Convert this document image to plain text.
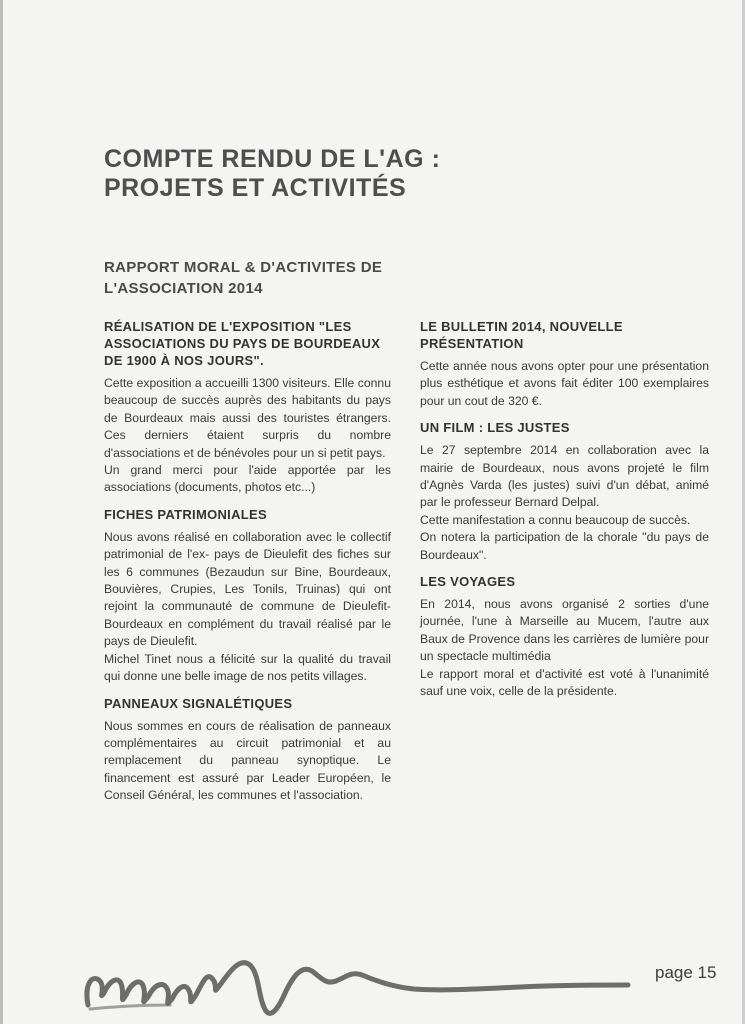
COMPTE RENDU DE L'AG : PROJETS ET ACTIVITÉS
RAPPORT MORAL & D'ACTIVITES DE L'ASSOCIATION 2014
RÉALISATION DE L'EXPOSITION "LES ASSOCIATIONS DU PAYS DE BOURDEAUX DE 1900 À NOS JOURS".

Cette exposition a accueilli 1300 visiteurs. Elle connu beaucoup de succès auprès des habitants du pays de Bourdeaux mais aussi des touristes étrangers. Ces derniers étaient surpris du nombre d'associations et de bénévoles pour un si petit pays.
Un grand merci pour l'aide apportée par les associations (documents, photos etc...)

FICHES PATRIMONIALES

Nous avons réalisé en collaboration avec le collectif patrimonial de l'ex- pays de Dieulefit des fiches sur les 6 communes (Bezaudun sur Bine, Bourdeaux, Bouvières, Crupies, Les Tonils, Truinas) qui ont rejoint la communauté de commune de Dieulefit-Bourdeaux en complément du travail réalisé par le pays de Dieulefit.
Michel Tinet nous a félicité sur la qualité du travail qui donne une belle image de nos petits villages.

PANNEAUX SIGNALÉTIQUES

Nous sommes en cours de réalisation de panneaux complémentaires au circuit patrimonial et au remplacement du panneau synoptique. Le financement est assuré par Leader Européen, le Conseil Général, les communes et l'association.

LE BULLETIN 2014, NOUVELLE PRÉSENTATION

Cette année nous avons opter pour une présentation plus esthétique et avons fait éditer 100 exemplaires pour un cout de 320 €.

UN FILM : LES JUSTES

Le 27 septembre 2014 en collaboration avec la mairie de Bourdeaux, nous avons projeté le film d'Agnès Varda (les justes) suivi d'un débat, animé par le professeur Bernard Delpal.
Cette manifestation a connu beaucoup de succès.
On notera la participation de la chorale "du pays de Bourdeaux".

LES VOYAGES

En 2014, nous avons organisé 2 sorties d'une journée, l'une à Marseille au Mucem, l'autre aux Baux de Provence dans les carrières de lumière pour un spectacle multimédia
Le rapport moral et d'activité est voté à l'unanimité sauf une voix, celle de la présidente.

page 15
